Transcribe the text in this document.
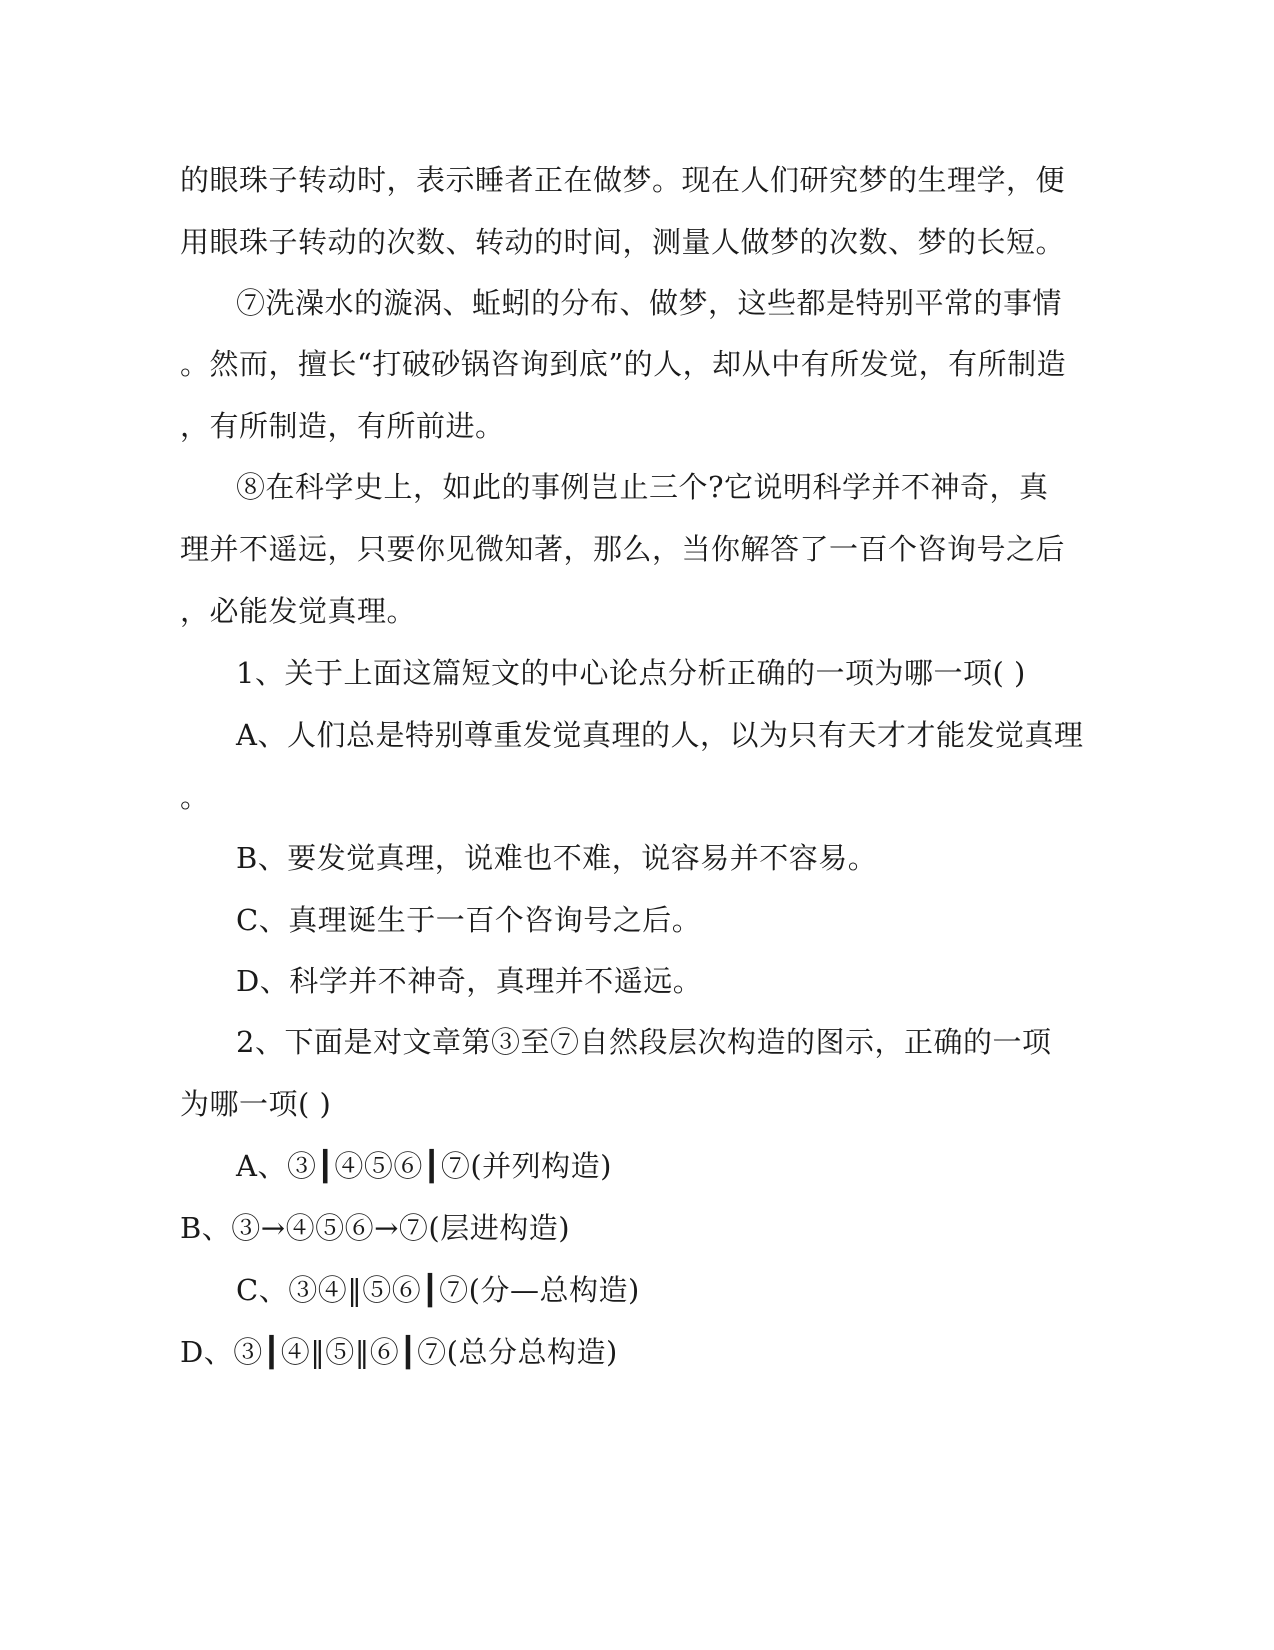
的眼珠子转动时，表示睡者正在做梦。现在人们研究梦的生理学，便
用眼珠子转动的次数、转动的时间，测量人做梦的次数、梦的长短。
⑦洗澡水的漩涡、蚯蚓的分布、做梦，这些都是特别平常的事情
。然而，擅长“打破砂锅咨询到底”的人，却从中有所发觉，有所制造
，有所制造，有所前进。
⑧在科学史上，如此的事例岂止三个?它说明科学并不神奇，真
理并不遥远，只要你见微知著，那么，当你解答了一百个咨询号之后
，必能发觉真理。
1、关于上面这篇短文的中心论点分析正确的一项为哪一项( )
A、人们总是特别尊重发觉真理的人，以为只有天才才能发觉真理
。
B、要发觉真理，说难也不难，说容易并不容易。
C、真理诞生于一百个咨询号之后。
D、科学并不神奇，真理并不遥远。
2、下面是对文章第③至⑦自然段层次构造的图示，正确的一项
为哪一项( )
A、③┃④⑤⑥┃⑦(并列构造)
B、③→④⑤⑥→⑦(层进构造)
C、③④‖⑤⑥┃⑦(分—总构造)
D、③┃④‖⑤‖⑥┃⑦(总分总构造)
